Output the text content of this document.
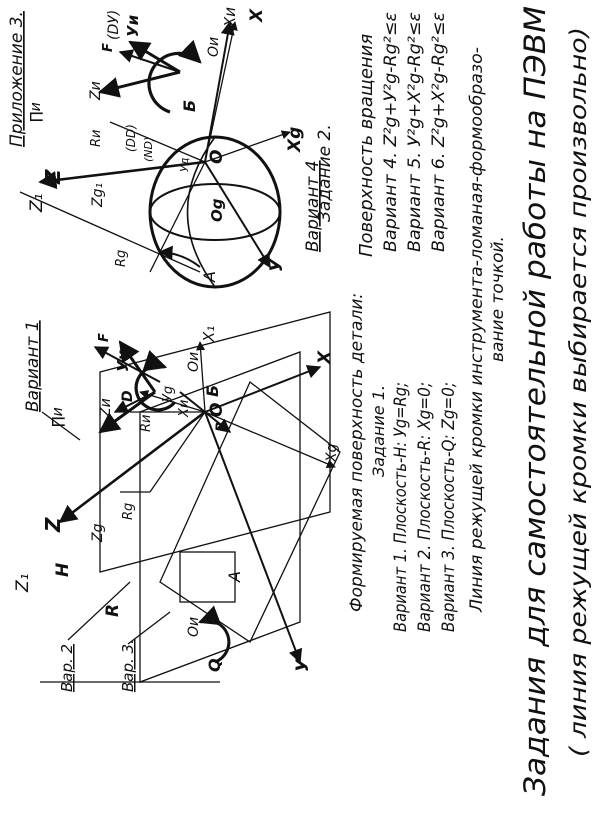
Приложение 3.	Задания для самостоятельной работы на ПЭВМ ( линия режущей кромки выбирается произвольно)
Формируемая поверхность детали: Задание 1. Вариант 1. Плоскость-Н: Уg=Rg; Вариант 2. Плоскость-R: Xg=0; Вариант 3. Плоскость-Q: Zg=0; Линия режущей кромки инструмента-ломаная-формообразо- вание точкой.
Задание 2. Поверхность вращения Вариант 4. Z²g+У²g-Rg²≤ε Вариант 5. У²g+X²g-Rg²≤ε Вариант 6. Z²g+X²g-Rg²≤ε
Вариант 1
Вар. 2	Вар. 3.
Z₁
Z Zg
Rg
H
R
Q
O
Oи
Oи
A
Б
В
У
Уg
X
X₁
Xg
Уи
Zи	Xи
Rи
D
F
∏и
Вариант 4
Z₁
Z
Zg₁
Rg
Rи
O
Og
Oи
A
Б
У
X
Xи
Xg
Zи
Уи
F
∏и
(DУ)
(DD) (ND)
Уд
